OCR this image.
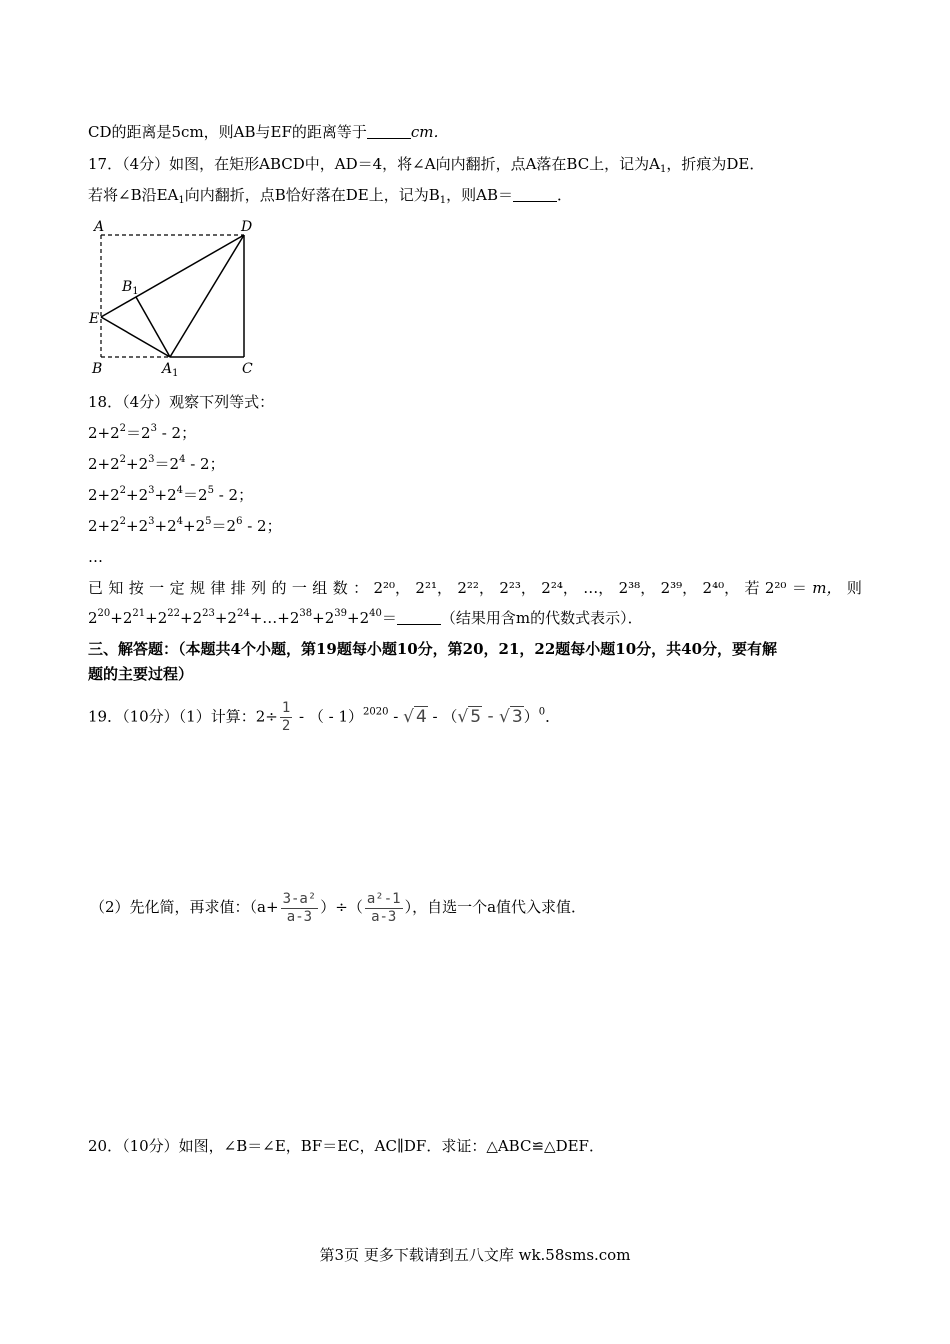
CD的距离是5cm，则AB与EF的距离等于	cm．
17．（4分）如图，在矩形ABCD中，AD＝4，将∠A向内翻折，点A落在BC上，记为$A_1$，折痕为DE．
若将∠B沿$EA_1$向内翻折，点B恰好落在DE上，记为$B_1$，则AB＝	．
A	D
$B_1$
E
B	$A_1$	C
18．（4分）观察下列等式：
$2+2^2=2^3 - 2$；
$2+2^2+2^3=2^4 - 2$；
$2+2^2+2^3+2^4=2^5 - 2$；
$2+2^2+2^3+2^4+2^5=2^6 - 2$；
…
已 知 按 一 定 规 律 排 列 的 一 组 数 ： 2²⁰， 2²¹， 2²²， 2²³， 2²⁴， …， 2³⁸， 2³⁹， 2⁴⁰， 若 2²⁰ ＝ m， 则
$2^{20}+2^{21}+2^{22}+2^{23}+2^{24}+\dots+2^{38}+2^{39}+2^{40}=$	（结果用含m的代数式表示）．
三、解答题：（本题共4个小题，第19题每小题10分，第20，21，22题每小题10分，共40分，要有解
题的主要过程）
19．（10分）（1）计算：$2\div \frac{1}{2}$ - （ - 1）$^{2020}$ - √ 4 - （√ 5 - √ 3）$^0$．
（2）先化简，再求值：（$a+ \frac{\text{3-a²}}{a-3}$ ）÷（ $\frac{\text{a²-1}}{a-3}$ ），自选一个a值代入求值．
20．（10分）如图，∠B＝∠E，BF＝EC，AC∥DF．求证：△ABC≌△DEF．
第3页 更多下载请到五八文库 wk.58sms.com
